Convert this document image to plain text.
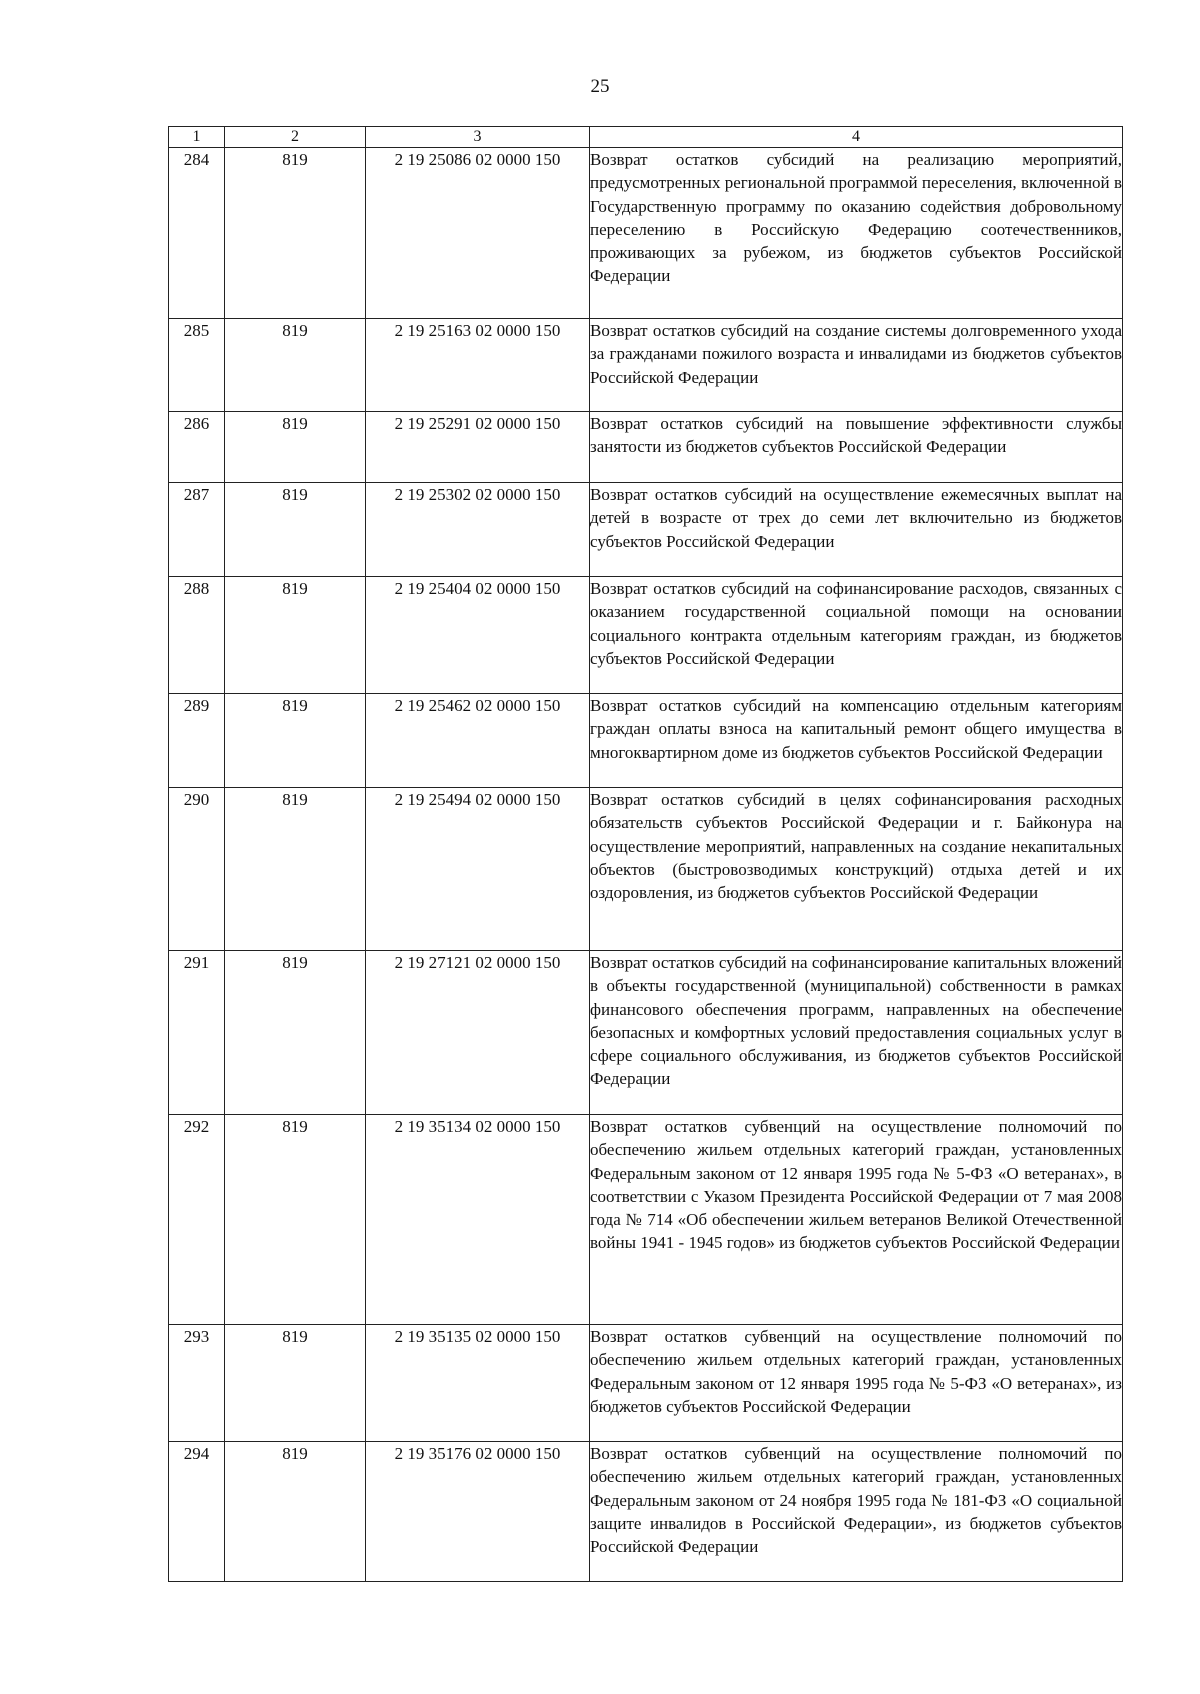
25
1	2	3	4
284	819	2 19 25086 02 0000 150	Возврат остатков субсидий на реализацию мероприятий, предусмотренных региональной программой переселения, включенной в Государственную программу по оказанию содействия добровольному переселению в Российскую Федерацию соотечественников, проживающих за рубежом, из бюджетов субъектов Российской Федерации
285	819	2 19 25163 02 0000 150	Возврат остатков субсидий на создание системы долговременного ухода за гражданами пожилого возраста и инвалидами из бюджетов субъектов Российской Федерации
286	819	2 19 25291 02 0000 150	Возврат остатков субсидий на повышение эффективности службы занятости из бюджетов субъектов Российской Федерации
287	819	2 19 25302 02 0000 150	Возврат остатков субсидий на осуществление ежемесячных выплат на детей в возрасте от трех до семи лет включительно из бюджетов субъектов Российской Федерации
288	819	2 19 25404 02 0000 150	Возврат остатков субсидий на софинансирование расходов, связанных с оказанием государственной социальной помощи на основании социального контракта отдельным категориям граждан, из бюджетов субъектов Российской Федерации
289	819	2 19 25462 02 0000 150	Возврат остатков субсидий на компенсацию отдельным категориям граждан оплаты взноса на капитальный ремонт общего имущества в многоквартирном доме из бюджетов субъектов Российской Федерации
290	819	2 19 25494 02 0000 150	Возврат остатков субсидий в целях софинансирования расходных обязательств субъектов Российской Федерации и г. Байконура на осуществление мероприятий, направленных на создание некапитальных объектов (быстровозводимых конструкций) отдыха детей и их оздоровления, из бюджетов субъектов Российской Федерации
291	819	2 19 27121 02 0000 150	Возврат остатков субсидий на софинансирование капитальных вложений в объекты государственной (муниципальной) собственности в рамках финансового обеспечения программ, направленных на обеспечение безопасных и комфортных условий предоставления социальных услуг в сфере социального обслуживания, из бюджетов субъектов Российской Федерации
292	819	2 19 35134 02 0000 150	Возврат остатков субвенций на осуществление полномочий по обеспечению жильем отдельных категорий граждан, установленных Федеральным законом от 12 января 1995 года № 5-ФЗ «О ветеранах», в соответствии с Указом Президента Российской Федерации от 7 мая 2008 года № 714 «Об обеспечении жильем ветеранов Великой Отечественной войны 1941 - 1945 годов» из бюджетов субъектов Российской Федерации
293	819	2 19 35135 02 0000 150	Возврат остатков субвенций на осуществление полномочий по обеспечению жильем отдельных категорий граждан, установленных Федеральным законом от 12 января 1995 года № 5-ФЗ «О ветеранах», из бюджетов субъектов Российской Федерации
294	819	2 19 35176 02 0000 150	Возврат остатков субвенций на осуществление полномочий по обеспечению жильем отдельных категорий граждан, установленных Федеральным законом от 24 ноября 1995 года № 181-ФЗ «О социальной защите инвалидов в Российской Федерации», из бюджетов субъектов Российской Федерации
